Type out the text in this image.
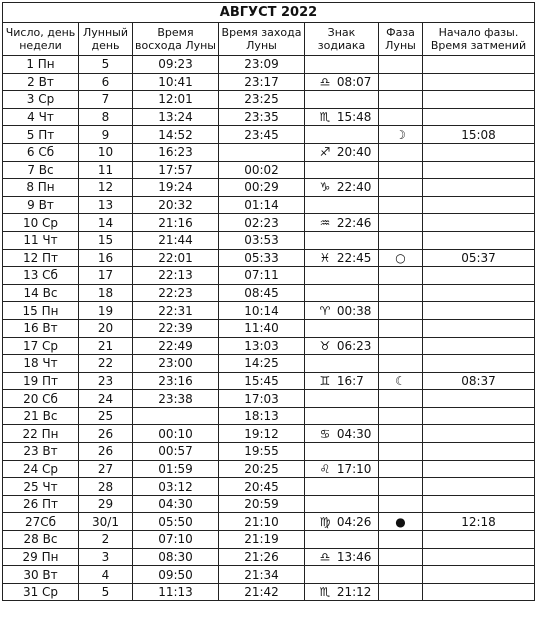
АВГУСТ 2022						
Число, день недели	Лунный день	Время восхода Луны	Время захода Луны	Знак зодиака	Фаза Луны	Начало фазы. Время затмений
1 Пн	5	09:23	23:09			
2 Вт	6	10:41	23:17	♎ 08:07		
3 Ср	7	12:01	23:25			
4 Чт	8	13:24	23:35	♏ 15:48		
5 Пт	9	14:52	23:45		☽	15:08
6 Сб	10	16:23		♐ 20:40		
7 Вс	11	17:57	00:02			
8 Пн	12	19:24	00:29	♑ 22:40		
9 Вт	13	20:32	01:14			
10 Ср	14	21:16	02:23	♒ 22:46		
11 Чт	15	21:44	03:53			
12 Пт	16	22:01	05:33	♓ 22:45	○	05:37
13 Сб	17	22:13	07:11			
14 Вс	18	22:23	08:45			
15 Пн	19	22:31	10:14	♈ 00:38		
16 Вт	20	22:39	11:40			
17 Ср	21	22:49	13:03	♉ 06:23		
18 Чт	22	23:00	14:25			
19 Пт	23	23:16	15:45	♊ 16:7	☾	08:37
20 Сб	24	23:38	17:03			
21 Вс	25		18:13			
22 Пн	26	00:10	19:12	♋ 04:30		
23 Вт	26	00:57	19:55			
24 Ср	27	01:59	20:25	♌ 17:10		
25 Чт	28	03:12	20:45			
26 Пт	29	04:30	20:59			
27Сб	30/1	05:50	21:10	♍ 04:26	●	12:18
28 Вс	2	07:10	21:19			
29 Пн	3	08:30	21:26	♎ 13:46		
30 Вт	4	09:50	21:34			
31 Ср	5	11:13	21:42	♏ 21:12		
